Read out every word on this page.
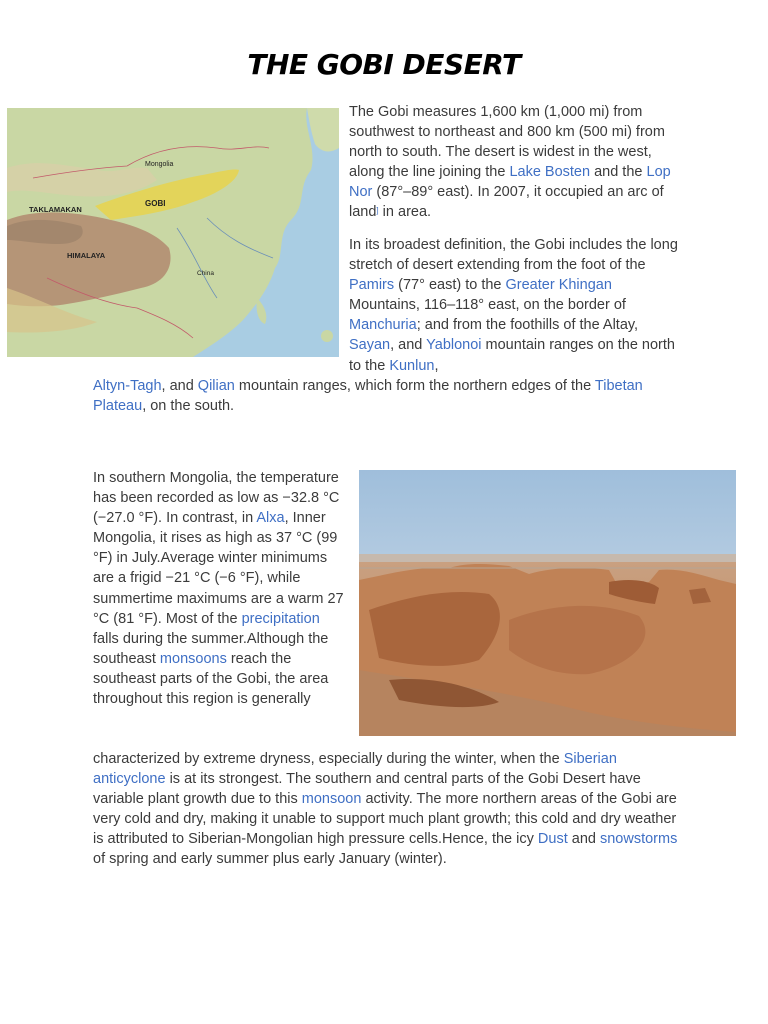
THE GOBI DESERT
Mongolia
TAKLAMAKAN
GOBI
HIMALAYA
China

The Gobi measures 1,600 km (1,000 mi) from southwest to northeast and 800 km (500 mi) from north to south. The desert is widest in the west, along the line joining the Lake Bosten and the Lop Nor (87°–89° east). In 2007, it occupied an arc of land] in area.

In its broadest definition, the Gobi includes the long stretch of desert extending from the foot of the Pamirs (77° east) to the Greater Khingan Mountains, 116–118° east, on the border of Manchuria; and from the foothills of the Altay, Sayan, and Yablonoi mountain ranges on the north to the Kunlun,

Altyn-Tagh, and Qilian mountain ranges, which form the northern edges of the Tibetan Plateau, on the south.

In southern Mongolia, the temperature has been recorded as low as −32.8 °C (−27.0 °F). In contrast, in Alxa, Inner Mongolia, it rises as high as 37 °C (99 °F) in July.Average winter minimums are a frigid −21 °C (−6 °F), while summertime maximums are a warm 27 °C (81 °F). Most of the precipitation falls during the summer.Although the southeast monsoons reach the southeast parts of the Gobi, the area throughout this region is generally

characterized by extreme dryness, especially during the winter, when the Siberian anticyclone is at its strongest. The southern and central parts of the Gobi Desert have variable plant growth due to this monsoon activity. The more northern areas of the Gobi are very cold and dry, making it unable to support much plant growth; this cold and dry weather is attributed to Siberian-Mongolian high pressure cells.Hence, the icy Dust and snowstorms of spring and early summer plus early January (winter).
